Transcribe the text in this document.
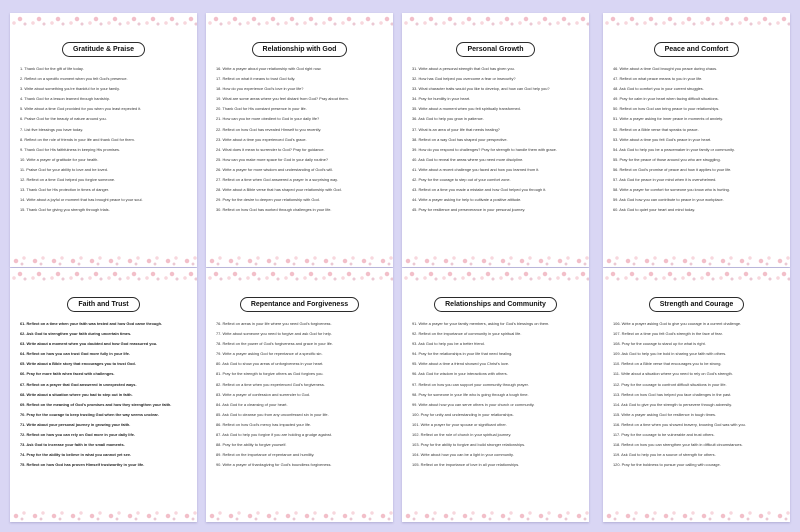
Gratitude & Praise
1. Thank God for the gift of life today.
2. Reflect on a specific moment when you felt God's presence.
3. Write about something you're thankful for in your family.
4. Thank God for a lesson learned through hardship.
5. Write about a time God provided for you when you least expected it.
6. Praise God for the beauty of nature around you.
7. List five blessings you have today.
8. Reflect on the role of friends in your life and thank God for them.
9. Thank God for His faithfulness in keeping His promises.
10. Write a prayer of gratitude for your health.
11. Praise God for your ability to love and be loved.
12. Reflect on a time God helped you forgive someone.
13. Thank God for His protection in times of danger.
14. Write about a joyful or moment that has brought peace to your soul.
15. Thank God for giving you strength through trials.
Relationship with God
16. Write a prayer about your relationship with God right now.
17. Reflect on what it means to trust God fully.
18. How do you experience God's love in your life?
19. What are some areas where you feel distant from God? Pray about them.
20. Thank God for His constant presence in your life.
21. How can you be more obedient to God in your daily life?
22. Reflect on how God has revealed Himself to you recently.
23. Write about a time you experienced God's grace.
24. What does it mean to surrender to God? Pray for guidance.
25. How can you make more space for God in your daily routine?
26. Write a prayer for more wisdom and understanding of God's will.
27. Reflect on a time when God answered a prayer in a surprising way.
28. Write about a Bible verse that has shaped your relationship with God.
29. Pray for the desire to deepen your relationship with God.
30. Reflect on how God has worked through challenges in your life.
Personal Growth
31. Write about a personal strength that God has given you.
32. How has God helped you overcome a fear or insecurity?
33. What character traits would you like to develop, and how can God help you?
34. Pray for humility in your heart.
35. Write about a moment when you felt spiritually transformed.
36. Ask God to help you grow in patience.
37. What is an area of your life that needs healing?
38. Reflect on a way God has shaped your perspective.
39. How do you respond to challenges? Pray for strength to handle them with grace.
40. Ask God to reveal the areas where you need more discipline.
41. Write about a recent challenge you faced and how you learned from it.
42. Pray for the courage to step out of your comfort zone.
43. Reflect on a time you made a mistake and how God helped you through it.
44. Write a prayer asking for help to cultivate a positive attitude.
45. Pray for resilience and perseverance in your personal journey.
Peace and Comfort
46. Write about a time God brought you peace during chaos.
47. Reflect on what peace means to you in your life.
48. Ask God to comfort you in your current struggles.
49. Pray for calm in your heart when facing difficult situations.
50. Reflect on how God can bring peace to your relationships.
51. Write a prayer asking for inner peace in moments of anxiety.
52. Reflect on a Bible verse that speaks to peace.
53. Write about a time you felt God's peace in your heart.
54. Ask God to help you be a peacemaker in your family or community.
55. Pray for the peace of those around you who are struggling.
56. Reflect on God's promise of peace and how it applies to your life.
57. Ask God for peace in your mind when it is overwhelmed.
58. Write a prayer for comfort for someone you know who is hurting.
59. Ask God how you can contribute to peace in your workplace.
60. Ask God to quiet your heart and mind today.
Faith and Trust
61. Reflect on a time when your faith was tested and how God came through.
62. Ask God to strengthen your faith during uncertain times.
63. Write about a moment when you doubted and how God reassured you.
64. Reflect on how you can trust God more fully in your life.
65. Write about a Bible story that encourages you to trust God.
66. Pray for more faith when faced with challenges.
67. Reflect on a prayer that God answered in unexpected ways.
68. Write about a situation where you had to step out in faith.
69. Reflect on the meaning of God's promises and how they strengthen your faith.
70. Pray for the courage to keep trusting God when the way seems unclear.
71. Write about your personal journey in growing your faith.
72. Reflect on how you can rely on God more in your daily life.
73. Ask God to increase your faith in the small moments.
74. Pray for the ability to believe in what you cannot yet see.
75. Reflect on how God has proven Himself trustworthy in your life.
Repentance and Forgiveness
76. Reflect on areas in your life where you need God's forgiveness.
77. Write about someone you need to forgive and ask God for help.
78. Reflect on the power of God's forgiveness and grace in your life.
79. Write a prayer asking God for repentance of a specific sin.
80. Ask God to show you areas of unforgiveness in your heart.
81. Pray for the strength to forgive others as God forgives you.
82. Reflect on a time when you experienced God's forgiveness.
83. Write a prayer of confession and surrender to God.
84. Ask God for a cleansing of your heart.
85. Ask God to cleanse you from any unconfessed sin in your life.
86. Reflect on how God's mercy has impacted your life.
87. Ask God to help you forgive if you are holding a grudge against.
88. Pray for the ability to forgive yourself.
89. Reflect on the importance of repentance and humility.
90. Write a prayer of thanksgiving for God's boundless forgiveness.
Relationships and Community
91. Write a prayer for your family members, asking for God's blessings on them.
92. Reflect on the importance of community in your spiritual life.
93. Ask God to help you be a better friend.
94. Pray for the relationships in your life that need healing.
95. Write about a time a friend showed you Christ's love.
96. Ask God for wisdom in your interactions with others.
97. Reflect on how you can support your community through prayer.
98. Pray for someone in your life who is going through a tough time.
99. Write about how you can serve others in your church or community.
100. Pray for unity and understanding in your relationships.
101. Write a prayer for your spouse or significant other.
102. Reflect on the role of church in your spiritual journey.
103. Pray for the ability to forgive and build stronger relationships.
104. Write about how you can be a light in your community.
105. Reflect on the importance of love in all your relationships.
Strength and Courage
106. Write a prayer asking God to give you courage in a current challenge.
107. Reflect on a time you felt God's strength in the face of fear.
108. Pray for the courage to stand up for what is right.
109. Ask God to help you be bold in sharing your faith with others.
110. Reflect on a Bible verse that encourages you to be strong.
111. Write about a situation where you need to rely on God's strength.
112. Pray for the courage to confront difficult situations in your life.
113. Reflect on how God has helped you face challenges in the past.
114. Ask God to give you the strength to persevere through adversity.
115. Write a prayer asking God for resilience in tough times.
116. Reflect on a time when you showed bravery, knowing God was with you.
117. Pray for the courage to be vulnerable and trust others.
118. Reflect on how you can strengthen your faith in difficult circumstances.
119. Ask God to help you be a source of strength for others.
120. Pray for the boldness to pursue your calling with courage.
